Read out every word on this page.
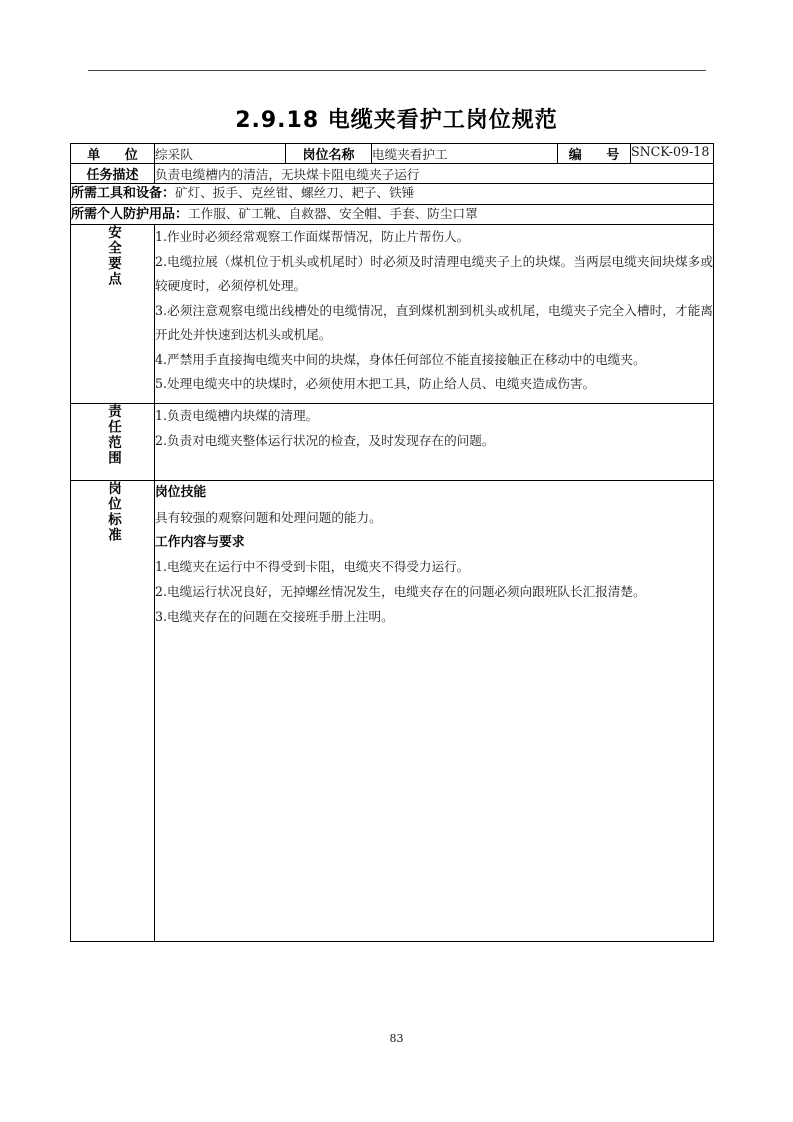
2.9.18 电缆夹看护工岗位规范
单 位	综采队	岗位名称	电缆夹看护工	编 号	SNCK-09-18
任务描述	负责电缆槽内的清洁，无块煤卡阻电缆夹子运行				
所需工具和设备：矿灯、扳手、克丝钳、螺丝刀、耙子、铁锤					
所需个人防护用品：工作服、矿工靴、自救器、安全帽、手套、防尘口罩					
安全要点	1.作业时必须经常观察工作面煤帮情况，防止片帮伤人。

2.电缆拉展（煤机位于机头或机尾时）时必须及时清理电缆夹子上的块煤。当两层电缆夹间块煤多或较硬度时，必须停机处理。

3.必须注意观察电缆出线槽处的电缆情况，直到煤机割到机头或机尾，电缆夹子完全入槽时，才能离开此处并快速到达机头或机尾。

4.严禁用手直接掏电缆夹中间的块煤，身体任何部位不能直接接触正在移动中的电缆夹。

5.处理电缆夹中的块煤时，必须使用木把工具，防止给人员、电缆夹造成伤害。				

责任范围	1.负责电缆槽内块煤的清理。

2.负责对电缆夹整体运行状况的检查，及时发现存在的问题。				

岗位标准	岗位技能

具有较强的观察问题和处理问题的能力。

工作内容与要求

1.电缆夹在运行中不得受到卡阻，电缆夹不得受力运行。

2.电缆运行状况良好，无掉螺丝情况发生，电缆夹存在的问题必须向跟班队长汇报清楚。

3.电缆夹存在的问题在交接班手册上注明。

83
